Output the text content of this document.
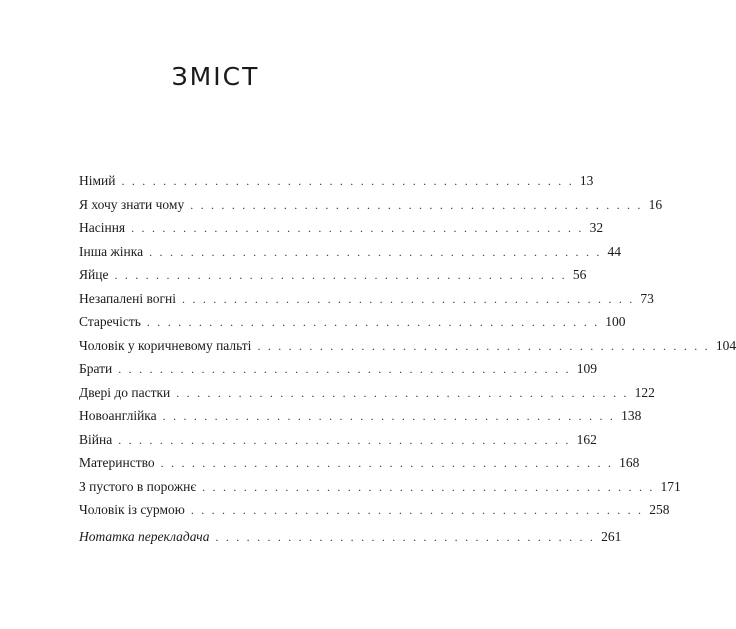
ЗМІСТ
Німий . . . . . . . . . . . . . . . . . . . . . . . . . . . . . . . . . . . . . . . . . . . . 13
Я хочу знати чому . . . . . . . . . . . . . . . . . . . . . . . . . . . . . . . . . . . . . . . . . . . . 16
Насіння . . . . . . . . . . . . . . . . . . . . . . . . . . . . . . . . . . . . . . . . . . . . 32
Інша жінка . . . . . . . . . . . . . . . . . . . . . . . . . . . . . . . . . . . . . . . . . . . . 44
Яйце . . . . . . . . . . . . . . . . . . . . . . . . . . . . . . . . . . . . . . . . . . . . 56
Незапалені вогні . . . . . . . . . . . . . . . . . . . . . . . . . . . . . . . . . . . . . . . . . . . . 73
Старечість . . . . . . . . . . . . . . . . . . . . . . . . . . . . . . . . . . . . . . . . . . . . 100
Чоловік у коричневому пальті . . . . . . . . . . . . . . . . . . . . . . . . . . . . . . . . . . . . . . . . . . . . 104
Брати . . . . . . . . . . . . . . . . . . . . . . . . . . . . . . . . . . . . . . . . . . . . 109
Двері до пастки . . . . . . . . . . . . . . . . . . . . . . . . . . . . . . . . . . . . . . . . . . . . 122
Новоанглійка . . . . . . . . . . . . . . . . . . . . . . . . . . . . . . . . . . . . . . . . . . . . 138
Війна . . . . . . . . . . . . . . . . . . . . . . . . . . . . . . . . . . . . . . . . . . . . 162
Материнство . . . . . . . . . . . . . . . . . . . . . . . . . . . . . . . . . . . . . . . . . . . . 168
З пустого в порожнє . . . . . . . . . . . . . . . . . . . . . . . . . . . . . . . . . . . . . . . . . . . . 171
Чоловік із сурмою . . . . . . . . . . . . . . . . . . . . . . . . . . . . . . . . . . . . . . . . . . . . 258
Нотатка перекладача . . . . . . . . . . . . . . . . . . . . . . . . . . . . . . . . . . . . . 261
